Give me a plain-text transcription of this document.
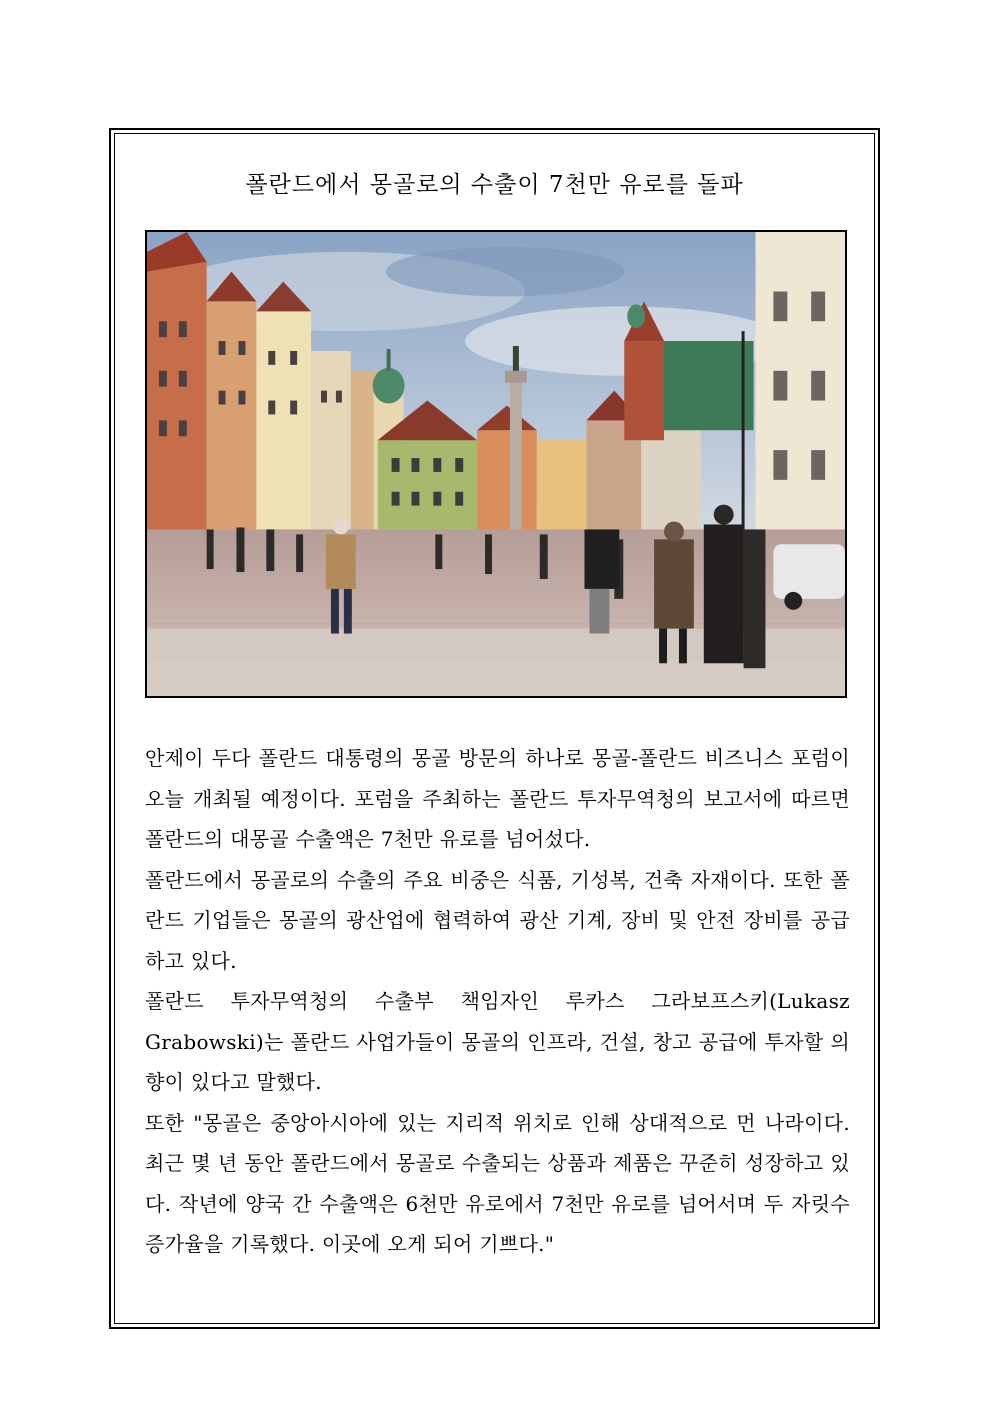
폴란드에서 몽골로의 수출이 7천만 유로를 돌파

안제이 두다 폴란드 대통령의 몽골 방문의 하나로 몽골-폴란드 비즈니스 포럼이 오늘 개최될 예정이다. 포럼을 주최하는 폴란드 투자무역청의 보고서에 따르면 폴란드의 대몽골 수출액은 7천만 유로를 넘어섰다.

폴란드에서 몽골로의 수출의 주요 비중은 식품, 기성복, 건축 자재이다. 또한 폴란드 기업들은 몽골의 광산업에 협력하여 광산 기계, 장비 및 안전 장비를 공급하고 있다.

폴란드 투자무역청의 수출부 책임자인 루카스 그라보프스키(Lukasz Grabowski)는 폴란드 사업가들이 몽골의 인프라, 건설, 창고 공급에 투자할 의향이 있다고 말했다.

또한 "몽골은 중앙아시아에 있는 지리적 위치로 인해 상대적으로 먼 나라이다. 최근 몇 년 동안 폴란드에서 몽골로 수출되는 상품과 제품은 꾸준히 성장하고 있다. 작년에 양국 간 수출액은 6천만 유로에서 7천만 유로를 넘어서며 두 자릿수 증가율을 기록했다. 이곳에 오게 되어 기쁘다."
